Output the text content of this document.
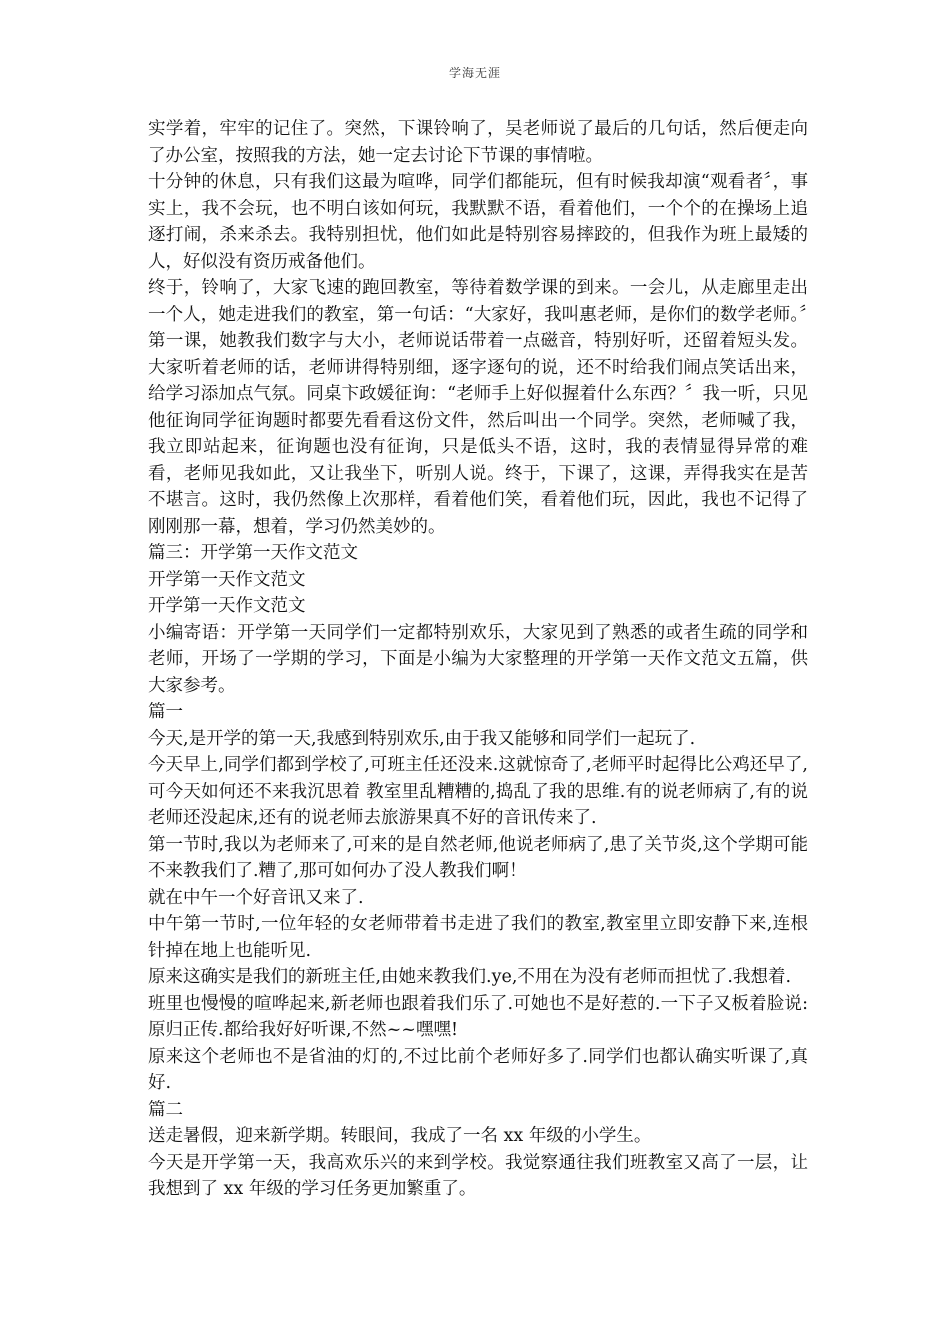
学海无涯

实学着，牢牢的记住了。突然，下课铃响了，吴老师说了最后的几句话，然后便走向了办公室，按照我的方法，她一定去讨论下节课的事情啦。

十分钟的休息，只有我们这最为喧哗，同学们都能玩，但有时候我却演“观看者〞，事实上，我不会玩，也不明白该如何玩，我默默不语，看着他们，一个个的在操场上追逐打闹，杀来杀去。我特别担忧，他们如此是特别容易摔跤的，但我作为班上最矮的人，好似没有资历戒备他们。

终于，铃响了，大家飞速的跑回教室，等待着数学课的到来。一会儿，从走廊里走出一个人，她走进我们的教室，第一句话：“大家好，我叫惠老师，是你们的数学老师。〞第一课，她教我们数字与大小，老师说话带着一点磁音，特别好听，还留着短头发。大家听着老师的话，老师讲得特别细，逐字逐句的说，还不时给我们闹点笑话出来，给学习添加点气氛。同桌卞政媛征询：“老师手上好似握着什么东西？〞我一听，只见他征询同学征询题时都要先看看这份文件，然后叫出一个同学。突然，老师喊了我，我立即站起来，征询题也没有征询，只是低头不语，这时，我的表情显得异常的难看，老师见我如此，又让我坐下，听别人说。终于，下课了，这课，弄得我实在是苦不堪言。这时，我仍然像上次那样，看着他们笑，看着他们玩，因此，我也不记得了刚刚那一幕，想着，学习仍然美妙的。

篇三：开学第一天作文范文

开学第一天作文范文

开学第一天作文范文

小编寄语：开学第一天同学们一定都特别欢乐，大家见到了熟悉的或者生疏的同学和老师，开场了一学期的学习，下面是小编为大家整理的开学第一天作文范文五篇，供大家参考。

篇一

今天,是开学的第一天,我感到特别欢乐,由于我又能够和同学们一起玩了.

今天早上,同学们都到学校了,可班主任还没来.这就惊奇了,老师平时起得比公鸡还早了,可今天如何还不来我沉思着 教室里乱糟糟的,捣乱了我的思维.有的说老师病了,有的说老师还没起床,还有的说老师去旅游果真不好的音讯传来了.

第一节时,我以为老师来了,可来的是自然老师,他说老师病了,患了关节炎,这个学期可能不来教我们了.糟了,那可如何办了没人教我们啊！

就在中午一个好音讯又来了.

中午第一节时,一位年轻的女老师带着书走进了我们的教室,教室里立即安静下来,连根针掉在地上也能听见.

原来这确实是我们的新班主任,由她来教我们.ye,不用在为没有老师而担忧了.我想着.

班里也慢慢的喧哗起来,新老师也跟着我们乐了.可她也不是好惹的.一下子又板着脸说:原归正传.都给我好好听课,不然~~嘿嘿!

原来这个老师也不是省油的灯的,不过比前个老师好多了.同学们也都认确实听课了,真好.

篇二

送走暑假，迎来新学期。转眼间，我成了一名 xx 年级的小学生。

今天是开学第一天，我高欢乐兴的来到学校。我觉察通往我们班教室又高了一层，让我想到了 xx 年级的学习任务更加繁重了。
